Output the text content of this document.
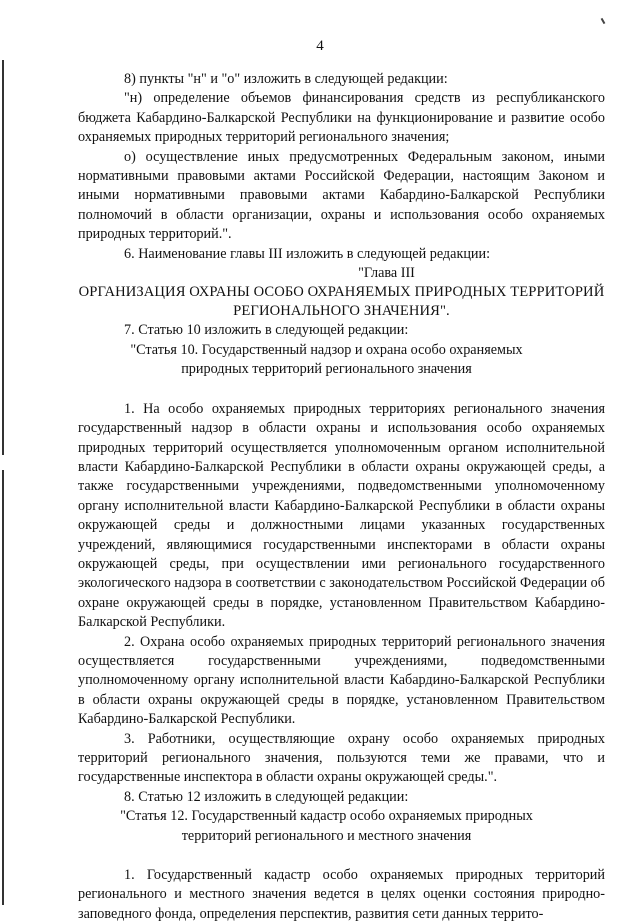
4

8) пункты "н" и "о" изложить в следующей редакции:

"н) определение объемов финансирования средств из республиканского бюджета Кабардино-Балкарской Республики на функционирование и развитие особо охраняемых природных территорий регионального значения;

о) осуществление иных предусмотренных Федеральным законом, иными нормативными правовыми актами Российской Федерации, настоящим Законом и иными нормативными правовыми актами Кабардино-Балкарской Республики полномочий в области организации, охраны и использования особо охраняемых природных территорий.".

6. Наименование главы III изложить в следующей редакции:

"Глава III

ОРГАНИЗАЦИЯ ОХРАНЫ ОСОБО ОХРАНЯЕМЫХ ПРИРОДНЫХ ТЕРРИТОРИЙ РЕГИОНАЛЬНОГО ЗНАЧЕНИЯ".

7. Статью 10 изложить в следующей редакции:

"Статья 10. Государственный надзор и охрана особо охраняемых природных территорий регионального значения

1. На особо охраняемых природных территориях регионального значения государственный надзор в области охраны и использования особо охраняемых природных территорий осуществляется уполномоченным органом исполнительной власти Кабардино-Балкарской Республики в области охраны окружающей среды, а также государственными учреждениями, подведомственными уполномоченному органу исполнительной власти Кабардино-Балкарской Республики в области охраны окружающей среды и должностными лицами указанных государственных учреждений, являющимися государственными инспекторами в области охраны окружающей среды, при осуществлении ими регионального государственного экологического надзора в соответствии с законодательством Российской Федерации об охране окружающей среды в порядке, установленном Правительством Кабардино-Балкарской Республики.

2. Охрана особо охраняемых природных территорий регионального значения осуществляется государственными учреждениями, подведомственными уполномоченному органу исполнительной власти Кабардино-Балкарской Республики в области охраны окружающей среды в порядке, установленном Правительством Кабардино-Балкарской Республики.

3. Работники, осуществляющие охрану особо охраняемых природных территорий регионального значения, пользуются теми же правами, что и государственные инспектора в области охраны окружающей среды.".

8. Статью 12 изложить в следующей редакции:

"Статья 12. Государственный кадастр особо охраняемых природных территорий регионального и местного значения

1. Государственный кадастр особо охраняемых природных территорий регионального и местного значения ведется в целях оценки состояния природно-заповедного фонда, определения перспектив, развития сети данных террито-
